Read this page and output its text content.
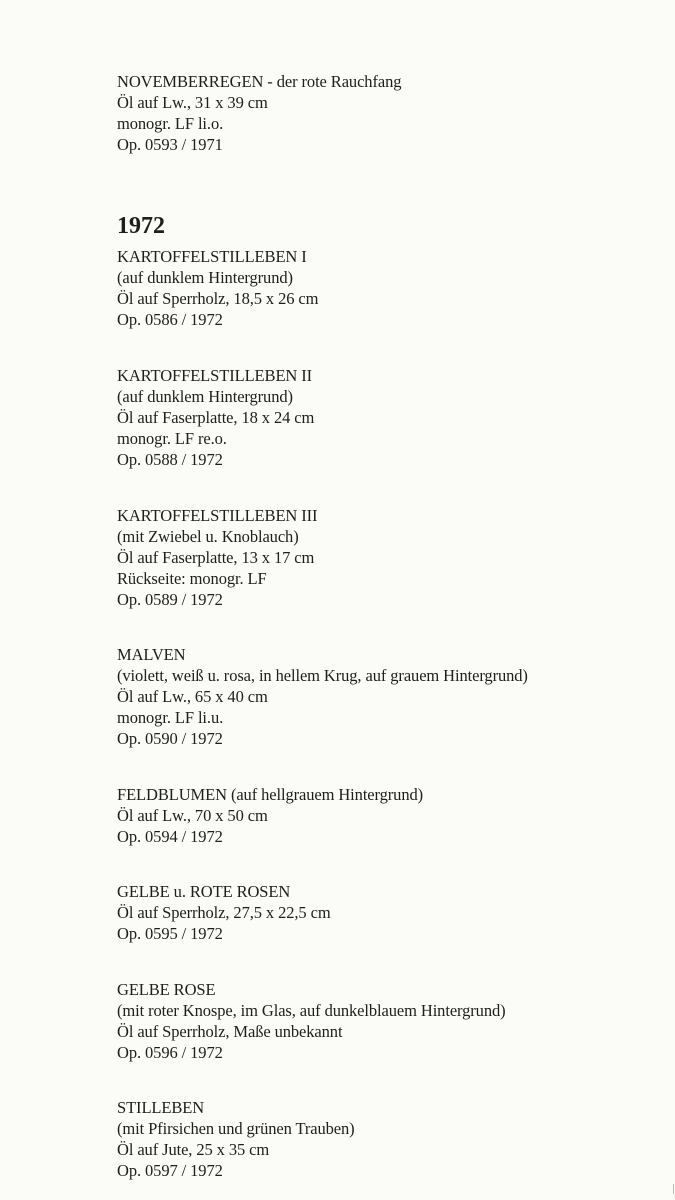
NOVEMBERREGEN - der rote Rauchfang
Öl auf Lw., 31 x 39 cm
monogr. LF li.o.
Op. 0593 / 1971
1972
KARTOFFELSTILLEBEN I
(auf dunklem Hintergrund)
Öl auf Sperrholz, 18,5 x 26 cm
Op. 0586 / 1972
KARTOFFELSTILLEBEN II
(auf dunklem Hintergrund)
Öl auf Faserplatte, 18 x 24 cm
monogr. LF re.o.
Op. 0588 / 1972
KARTOFFELSTILLEBEN III
(mit Zwiebel u. Knoblauch)
Öl auf Faserplatte, 13 x 17 cm
Rückseite: monogr. LF
Op. 0589 / 1972
MALVEN
(violett, weiß u. rosa, in hellem Krug, auf grauem Hintergrund)
Öl auf Lw., 65 x 40 cm
monogr. LF li.u.
Op. 0590 / 1972
FELDBLUMEN (auf hellgrauem Hintergrund)
Öl auf Lw., 70 x 50 cm
Op. 0594 / 1972
GELBE u. ROTE ROSEN
Öl auf Sperrholz, 27,5 x 22,5 cm
Op. 0595 / 1972
GELBE ROSE
(mit roter Knospe, im Glas, auf dunkelblauem Hintergrund)
Öl auf Sperrholz, Maße unbekannt
Op. 0596 / 1972
STILLEBEN
(mit Pfirsichen und grünen Trauben)
Öl auf Jute, 25 x 35 cm
Op. 0597 / 1972
